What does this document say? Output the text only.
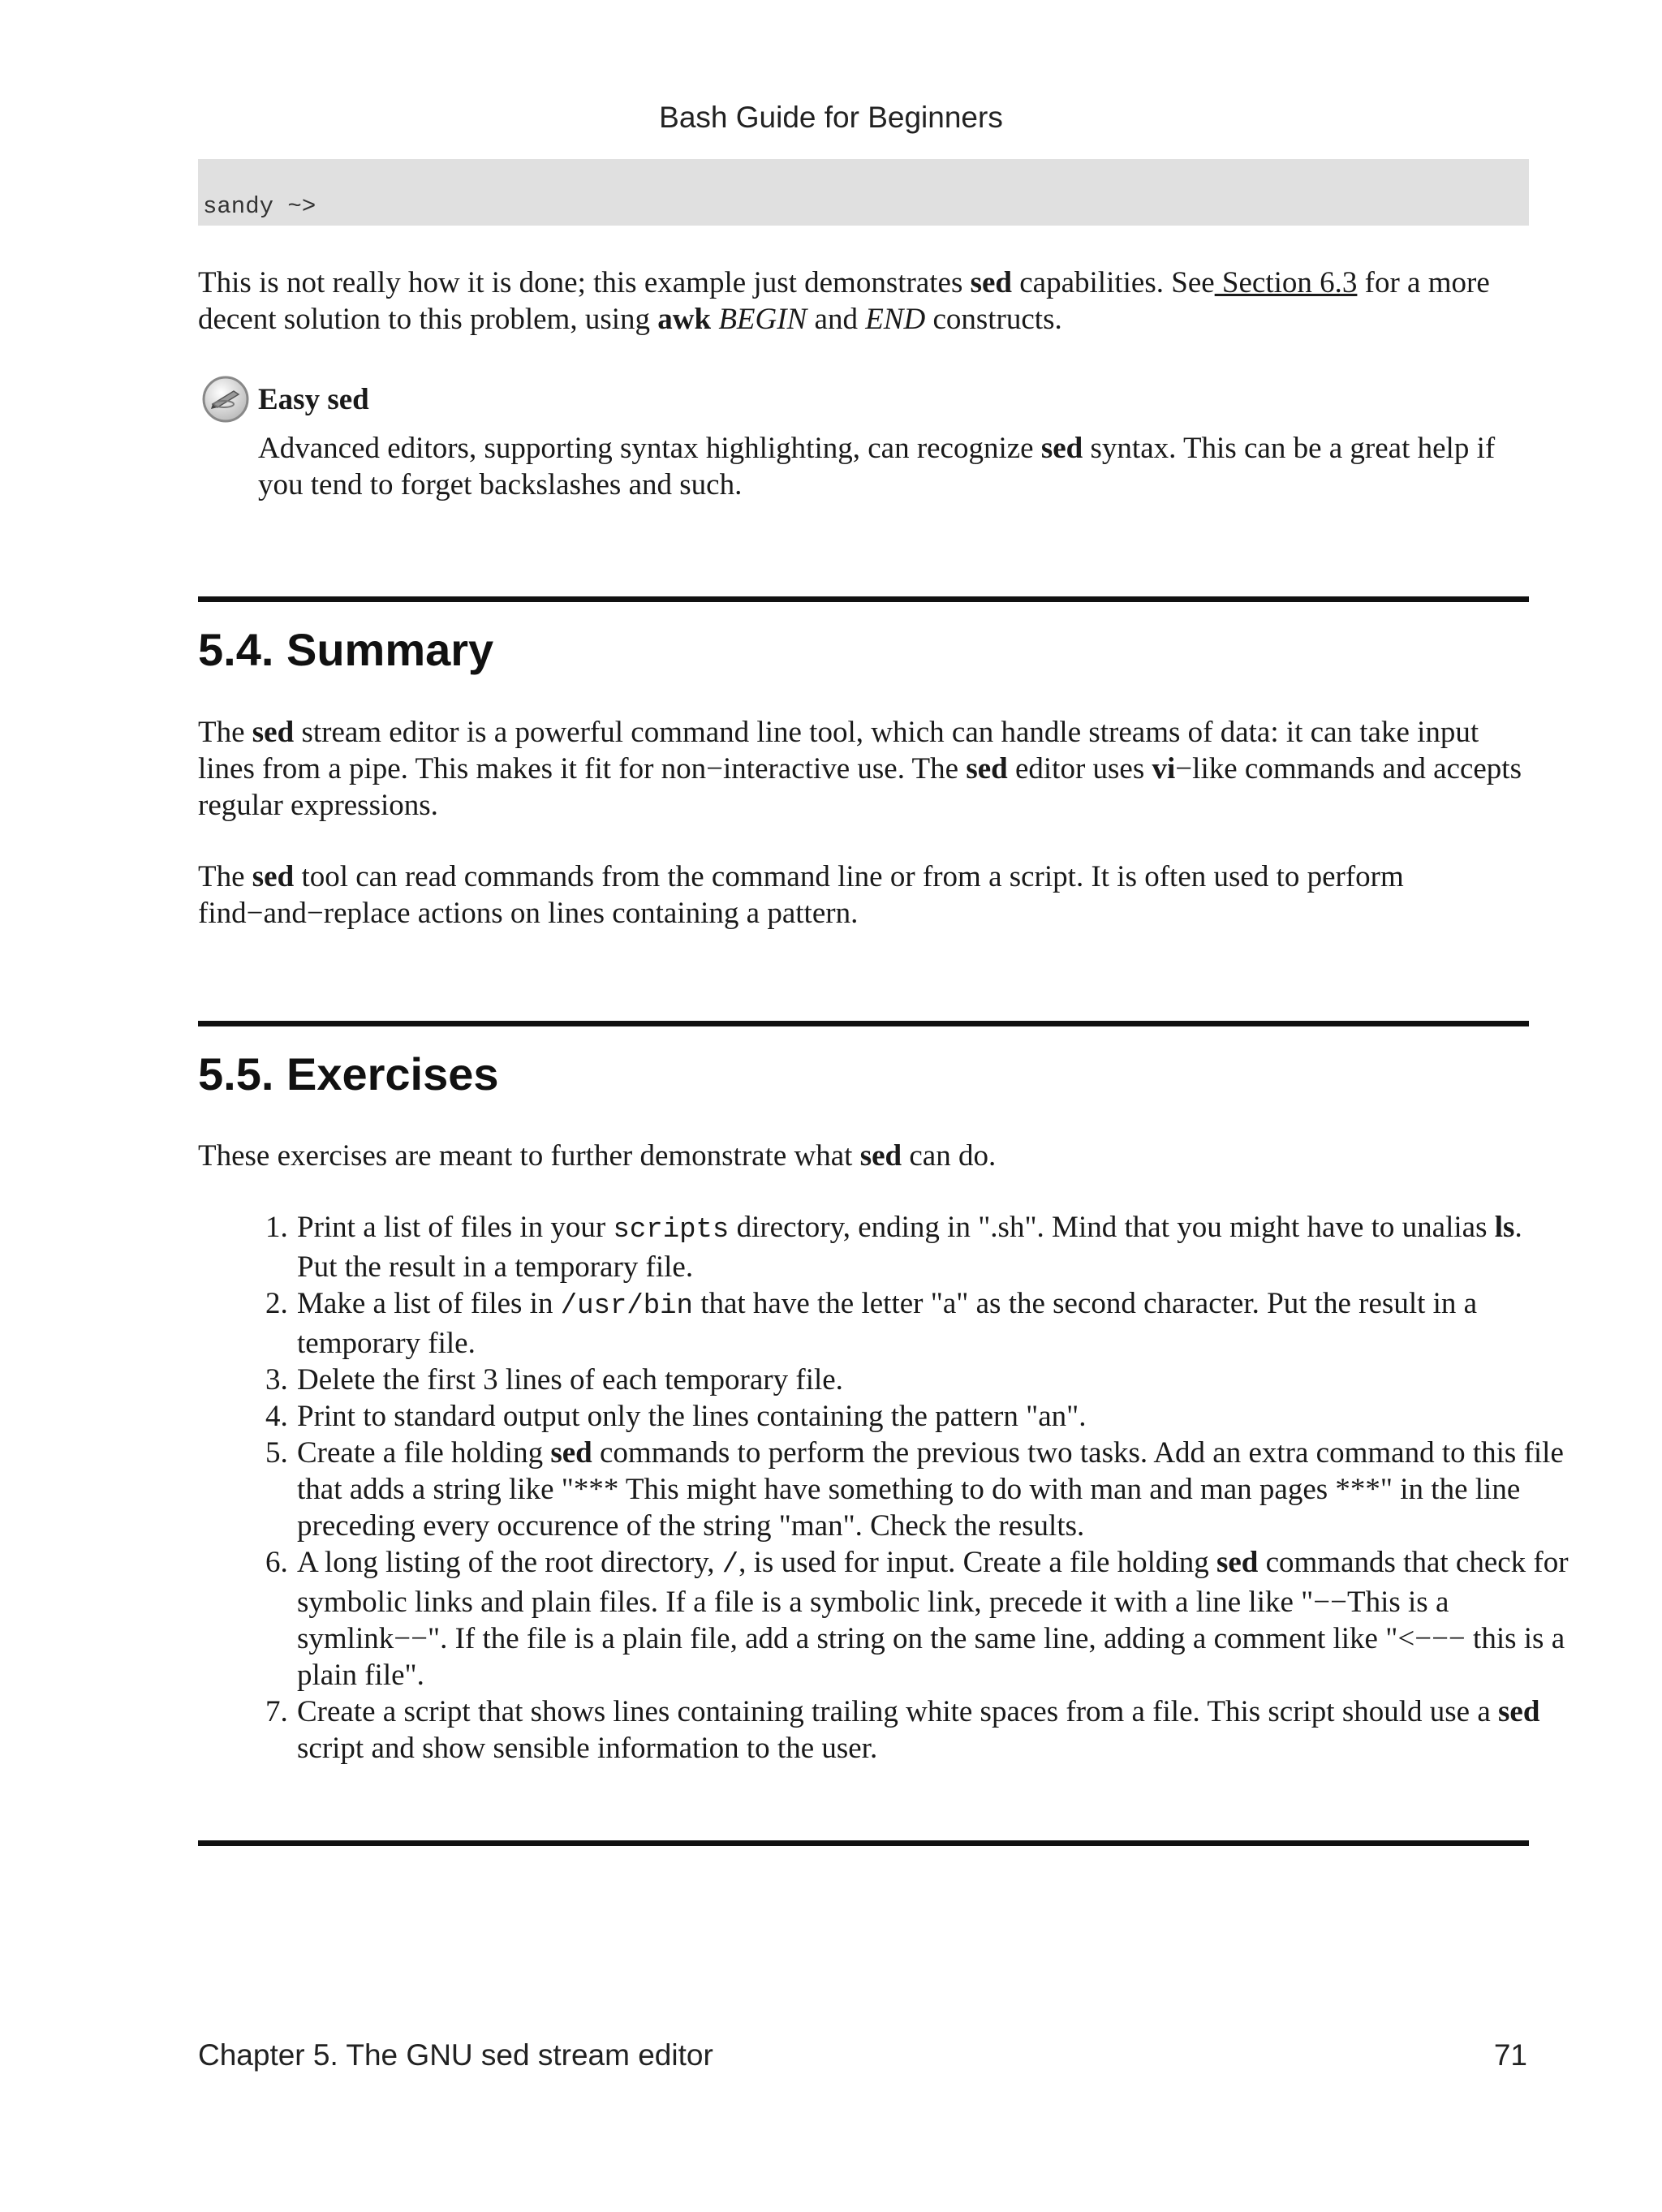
Bash Guide for Beginners
sandy ~>

This is not really how it is done; this example just demonstrates sed capabilities. See Section 6.3 for a more decent solution to this problem, using awk BEGIN and END constructs.

Easy sed

Advanced editors, supporting syntax highlighting, can recognize sed syntax. This can be a great help if you tend to forget backslashes and such.

5.4. Summary

The sed stream editor is a powerful command line tool, which can handle streams of data: it can take input lines from a pipe. This makes it fit for non−interactive use. The sed editor uses vi−like commands and accepts regular expressions.

The sed tool can read commands from the command line or from a script. It is often used to perform find−and−replace actions on lines containing a pattern.

5.5. Exercises

These exercises are meant to further demonstrate what sed can do.

1. Print a list of files in your scripts directory, ending in ".sh". Mind that you might have to unalias ls. Put the result in a temporary file.
2. Make a list of files in /usr/bin that have the letter "a" as the second character. Put the result in a temporary file.
3. Delete the first 3 lines of each temporary file.
4. Print to standard output only the lines containing the pattern "an".
5. Create a file holding sed commands to perform the previous two tasks. Add an extra command to this file that adds a string like "*** This might have something to do with man and man pages ***" in the line preceding every occurence of the string "man". Check the results.
6. A long listing of the root directory, /, is used for input. Create a file holding sed commands that check for symbolic links and plain files. If a file is a symbolic link, precede it with a line like "−−This is a symlink−−". If the file is a plain file, add a string on the same line, adding a comment like "<−−− this is a plain file".
7. Create a script that shows lines containing trailing white spaces from a file. This script should use a sed script and show sensible information to the user.
Chapter 5. The GNU sed stream editor	71
